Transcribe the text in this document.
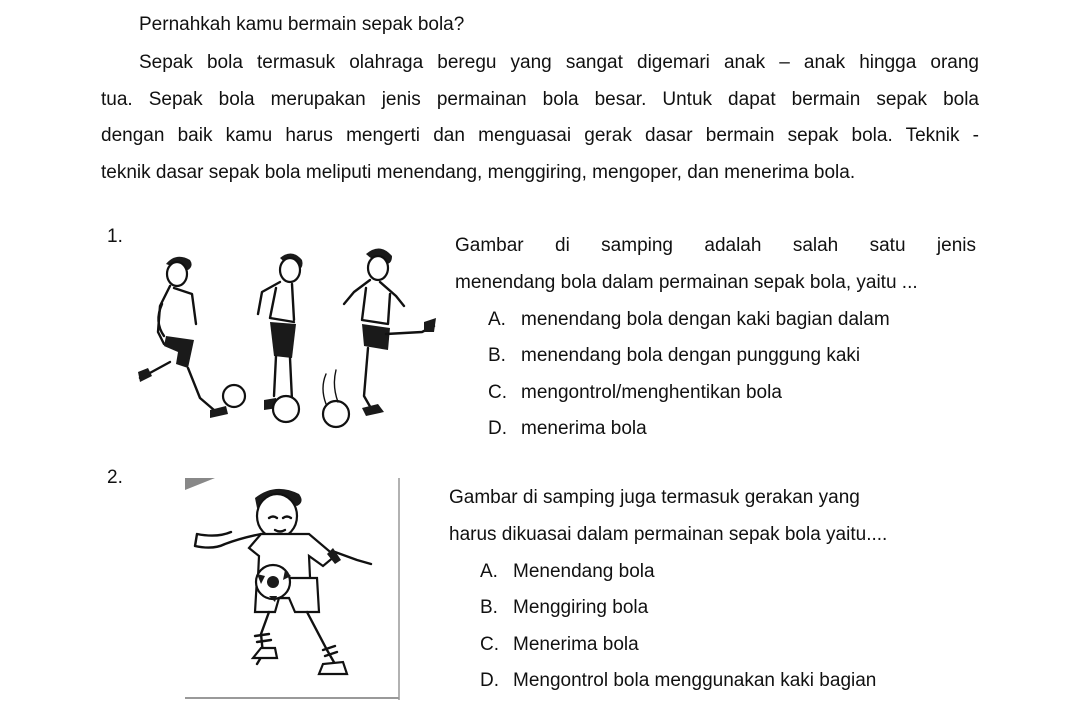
Pernahkah kamu bermain sepak bola?
Sepak bola termasuk olahraga beregu yang sangat digemari anak – anak hingga orang
tua. Sepak bola merupakan jenis permainan bola besar. Untuk dapat bermain sepak bola
dengan baik kamu harus mengerti dan menguasai gerak dasar bermain sepak bola. Teknik -
teknik dasar sepak bola meliputi menendang, menggiring, mengoper, dan menerima bola.
1.	Gambar di samping adalah salah satu jenis
menendang bola dalam permainan sepak bola, yaitu ...
A. menendang bola dengan kaki bagian dalam
B. menendang bola dengan punggung kaki
C. mengontrol/menghentikan bola
D. menerima bola
2.
Gambar di samping juga termasuk gerakan yang
harus dikuasai dalam permainan sepak bola yaitu....
A. Menendang bola
B. Menggiring bola
C. Menerima bola
D. Mengontrol bola menggunakan kaki bagian
